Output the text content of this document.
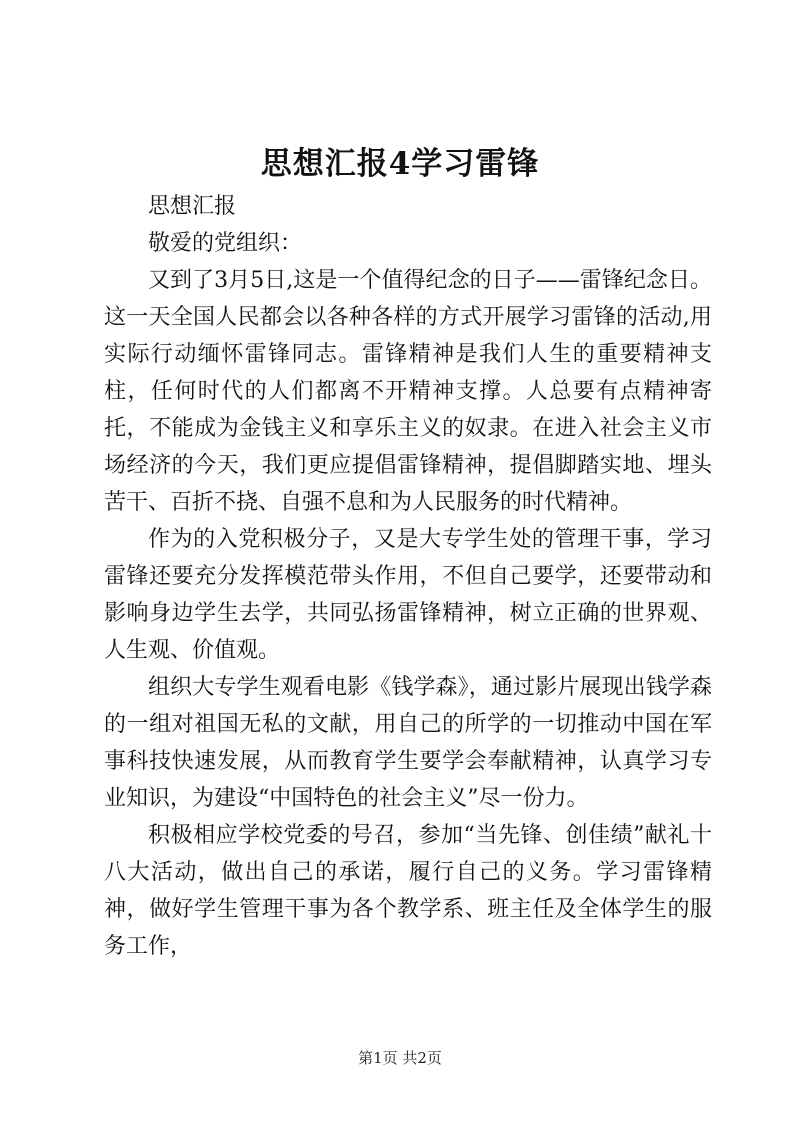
思想汇报4学习雷锋

思想汇报

敬爱的党组织：

又到了3月5日,这是一个值得纪念的日子——雷锋纪念日。这一天全国人民都会以各种各样的方式开展学习雷锋的活动,用实际行动缅怀雷锋同志。雷锋精神是我们人生的重要精神支柱，任何时代的人们都离不开精神支撑。人总要有点精神寄托，不能成为金钱主义和享乐主义的奴隶。在进入社会主义市场经济的今天，我们更应提倡雷锋精神，提倡脚踏实地、埋头苦干、百折不挠、自强不息和为人民服务的时代精神。

作为的入党积极分子，又是大专学生处的管理干事，学习雷锋还要充分发挥模范带头作用，不但自己要学，还要带动和影响身边学生去学，共同弘扬雷锋精神，树立正确的世界观、人生观、价值观。

组织大专学生观看电影《钱学森》，通过影片展现出钱学森的一组对祖国无私的文献，用自己的所学的一切推动中国在军事科技快速发展，从而教育学生要学会奉献精神，认真学习专业知识，为建设“中国特色的社会主义”尽一份力。

积极相应学校党委的号召，参加“当先锋、创佳绩”献礼十八大活动，做出自己的承诺，履行自己的义务。学习雷锋精神，做好学生管理干事为各个教学系、班主任及全体学生的服务工作，

第1页 共2页
